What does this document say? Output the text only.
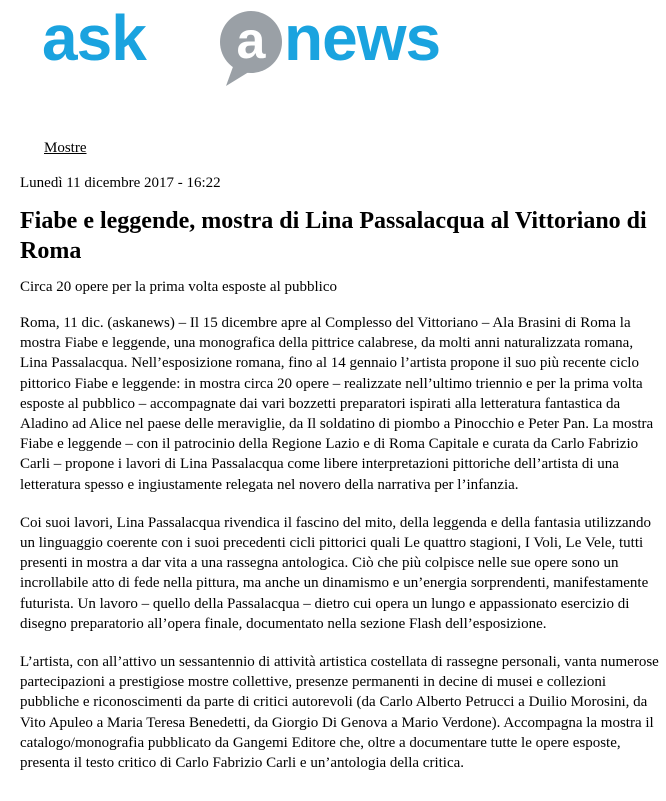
ask a news
Mostre
Lunedì 11 dicembre 2017 - 16:22
Fiabe e leggende, mostra di Lina Passalacqua al Vittoriano di Roma

Circa 20 opere per la prima volta esposte al pubblico

Roma, 11 dic. (askanews) – Il 15 dicembre apre al Complesso del Vittoriano – Ala Brasini di Roma la mostra Fiabe e leggende, una monografica della pittrice calabrese, da molti anni naturalizzata romana, Lina Passalacqua. Nell’esposizione romana, fino al 14 gennaio l’artista propone il suo più recente ciclo pittorico Fiabe e leggende: in mostra circa 20 opere – realizzate nell’ultimo triennio e per la prima volta esposte al pubblico – accompagnate dai vari bozzetti preparatori ispirati alla letteratura fantastica da Aladino ad Alice nel paese delle meraviglie, da Il soldatino di piombo a Pinocchio e Peter Pan. La mostra Fiabe e leggende – con il patrocinio della Regione Lazio e di Roma Capitale e curata da Carlo Fabrizio Carli – propone i lavori di Lina Passalacqua come libere interpretazioni pittoriche dell’artista di una letteratura spesso e ingiustamente relegata nel novero della narrativa per l’infanzia.

Coi suoi lavori, Lina Passalacqua rivendica il fascino del mito, della leggenda e della fantasia utilizzando un linguaggio coerente con i suoi precedenti cicli pittorici quali Le quattro stagioni, I Voli, Le Vele, tutti presenti in mostra a dar vita a una rassegna antologica. Ciò che più colpisce nelle sue opere sono un incrollabile atto di fede nella pittura, ma anche un dinamismo e un’energia sorprendenti, manifestamente futurista. Un lavoro – quello della Passalacqua – dietro cui opera un lungo e appassionato esercizio di disegno preparatorio all’opera finale, documentato nella sezione Flash dell’esposizione.

L’artista, con all’attivo un sessantennio di attività artistica costellata di rassegne personali, vanta numerose partecipazioni a prestigiose mostre collettive, presenze permanenti in decine di musei e collezioni pubbliche e riconoscimenti da parte di critici autorevoli (da Carlo Alberto Petrucci a Duilio Morosini, da Vito Apuleo a Maria Teresa Benedetti, da Giorgio Di Genova a Mario Verdone). Accompagna la mostra il catalogo/monografia pubblicato da Gangemi Editore che, oltre a documentare tutte le opere esposte, presenta il testo critico di Carlo Fabrizio Carli e un’antologia della critica.
